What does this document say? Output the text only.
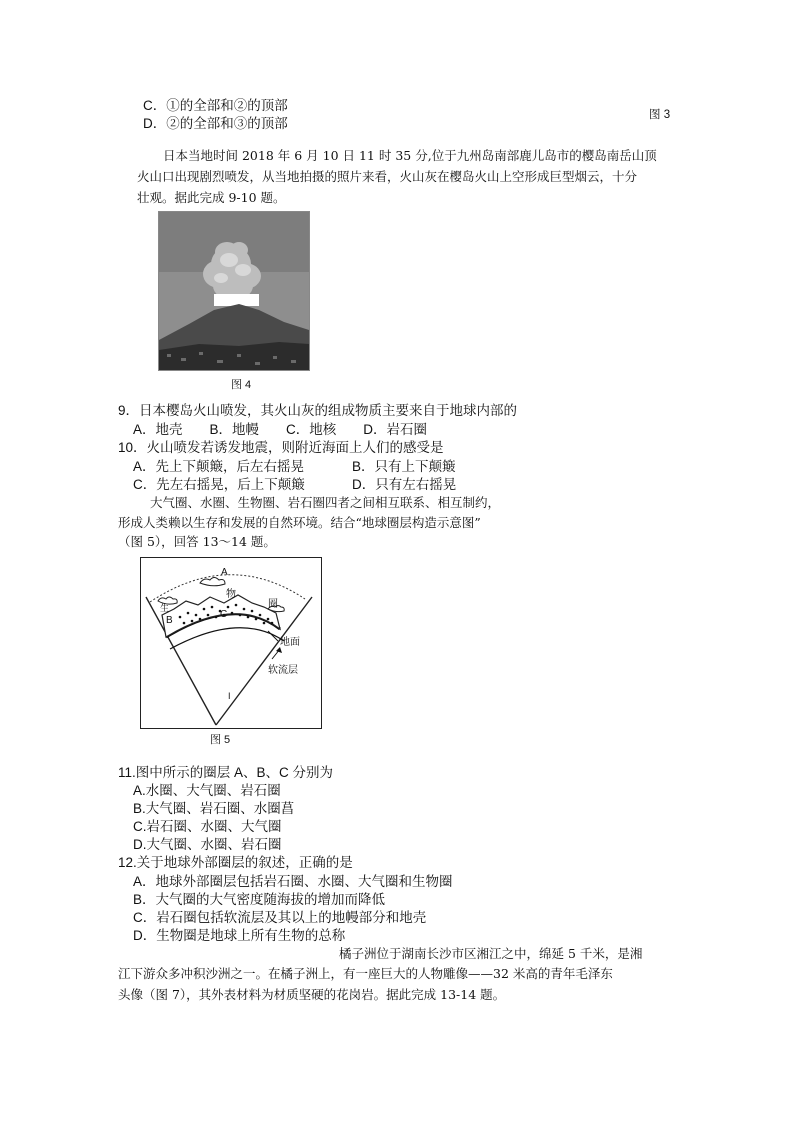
C．①的全部和②的顶部
D．②的全部和③的顶部
图 3
日本当地时间 2018 年 6 月 10 日 11 时 35 分,位于九州岛南部鹿儿岛市的樱岛南岳山顶
火山口出现剧烈喷发，从当地拍摄的照片来看，火山灰在樱岛火山上空形成巨型烟云，十分
壮观。据此完成 9-10 题。
图 4
9．日本樱岛火山喷发，其火山灰的组成物质主要来自于地球内部的
A．地壳　　B．地幔　　C．地核　　D．岩石圈
10．火山喷发若诱发地震，则附近海面上人们的感受是
A．先上下颠簸，后左右摇晃	B．只有上下颠簸
C．先左右摇晃，后上下颠簸	D．只有左右摇晃
大气圈、水圈、生物圈、岩石圈四者之间相互联系、相互制约，
形成人类赖以生存和发展的自然环境。结合“地球圈层构造示意图”
（图 5），回答 13～14 题。
A
物
生
B
C
圈
地面
软流层
I
图 5
11.图中所示的圈层 A、B、C 分别为
A.水圈、大气圈、岩石圈
B.大气圈、岩石圈、水圈菖
C.岩石圈、水圈、大气圈
D.大气圈、水圈、岩石圈
12.关于地球外部圈层的叙述，正确的是
A．地球外部圈层包括岩石圈、水圈、大气圈和生物圈
B．大气圈的大气密度随海拔的增加而降低
C．岩石圈包括软流层及其以上的地幔部分和地壳
D．生物圈是地球上所有生物的总称
橘子洲位于湖南长沙市区湘江之中，绵延 5 千米，是湘
江下游众多冲积沙洲之一。在橘子洲上，有一座巨大的人物雕像——32 米高的青年毛泽东
头像（图 7），其外表材料为材质坚硬的花岗岩。据此完成 13-14 题。
